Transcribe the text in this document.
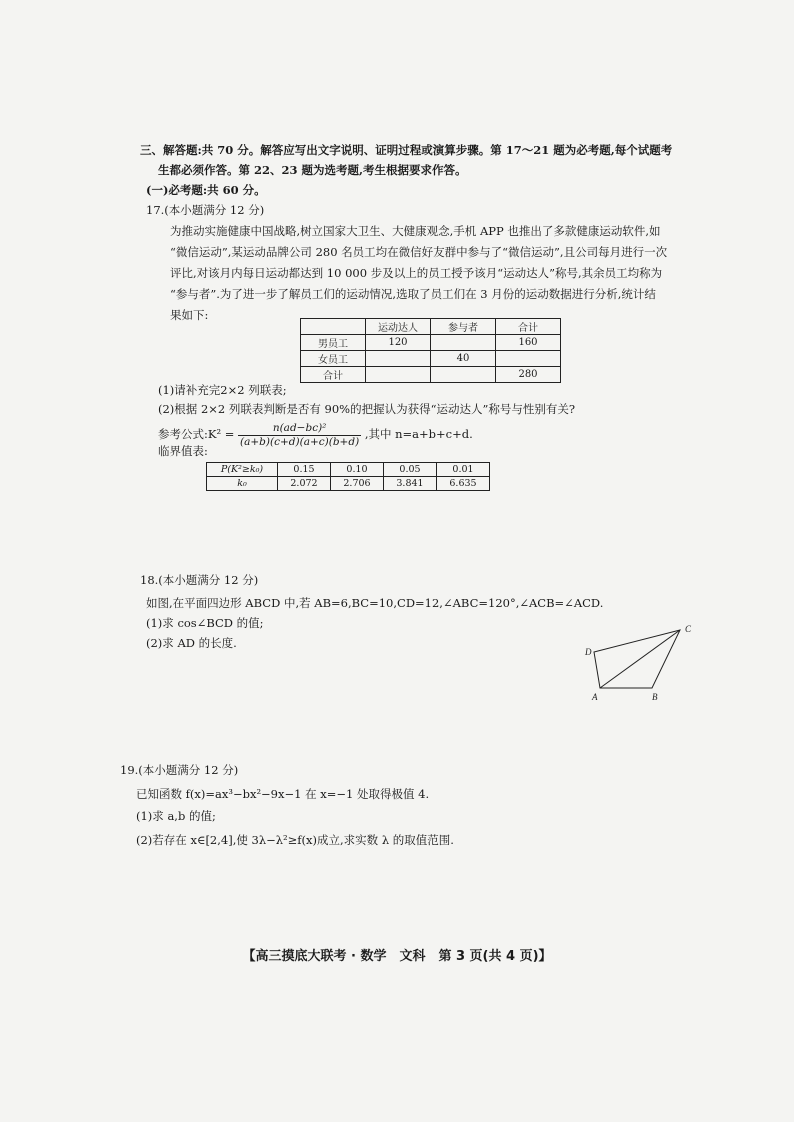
三、解答题:共 70 分。解答应写出文字说明、证明过程或演算步骤。第 17～21 题为必考题,每个试题考
生都必须作答。第 22、23 题为选考题,考生根据要求作答。
(一)必考题:共 60 分。
17.(本小题满分 12 分)
为推动实施健康中国战略,树立国家大卫生、大健康观念,手机 APP 也推出了多款健康运动软件,如
“微信运动”,某运动品牌公司 280 名员工均在微信好友群中参与了“微信运动”,且公司每月进行一次
评比,对该月内每日运动都达到 10 000 步及以上的员工授予该月“运动达人”称号,其余员工均称为
“参与者”.为了进一步了解员工们的运动情况,选取了员工们在 3 月份的运动数据进行分析,统计结
果如下:
	运动达人	参与者	合计
男员工	120		160
女员工		40	
合计			280
(1)请补充完2×2 列联表;
(2)根据 2×2 列联表判断是否有 90%的把握认为获得“运动达人”称号与性别有关?
参考公式:K² = $\frac{\text{n(ad−bc)²}}{(a+b)(c+d)(a+c)(b+d)}$ ,其中 n=a+b+c+d.
临界值表:
P(K²≥k₀)	0.15	0.10	0.05	0.01
k₀	2.072	2.706	3.841	6.635
18.(本小题满分 12 分)
如图,在平面四边形 ABCD 中,若 AB=6,BC=10,CD=12,∠ABC=120°,∠ACB=∠ACD.
(1)求 cos∠BCD 的值;
(2)求 AD 的长度.
A	B
C
D
19.(本小题满分 12 分)
已知函数 f(x)=ax³−bx²−9x−1 在 x=−1 处取得极值 4.
(1)求 a,b 的值;
(2)若存在 x∈[2,4],使 3λ−λ²≥f(x)成立,求实数 λ 的取值范围.
【高三摸底大联考 · 数学　文科　第 3 页(共 4 页)】
